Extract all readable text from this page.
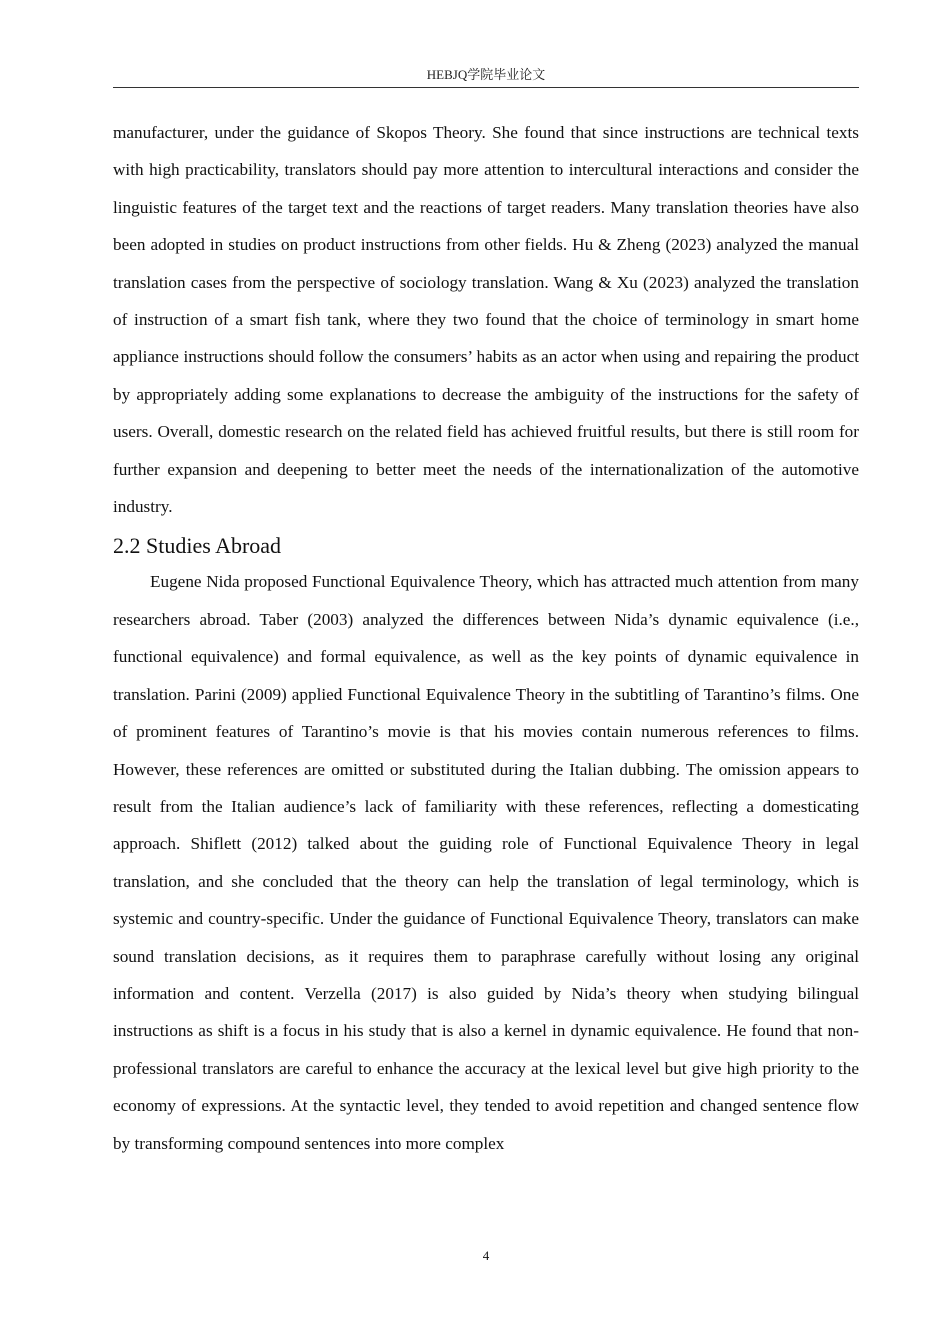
HEBJQ学院毕业论文

manufacturer, under the guidance of Skopos Theory. She found that since instructions are technical texts with high practicability, translators should pay more attention to intercultural interactions and consider the linguistic features of the target text and the reactions of target readers. Many translation theories have also been adopted in studies on product instructions from other fields. Hu & Zheng (2023) analyzed the manual translation cases from the perspective of sociology translation. Wang & Xu (2023) analyzed the translation of instruction of a smart fish tank, where they two found that the choice of terminology in smart home appliance instructions should follow the consumers’ habits as an actor when using and repairing the product by appropriately adding some explanations to decrease the ambiguity of the instructions for the safety of users. Overall, domestic research on the related field has achieved fruitful results, but there is still room for further expansion and deepening to better meet the needs of the internationalization of the automotive industry.

2.2 Studies Abroad

Eugene Nida proposed Functional Equivalence Theory, which has attracted much attention from many researchers abroad. Taber (2003) analyzed the differences between Nida’s dynamic equivalence (i.e., functional equivalence) and formal equivalence, as well as the key points of dynamic equivalence in translation. Parini (2009) applied Functional Equivalence Theory in the subtitling of Tarantino’s films. One of prominent features of Tarantino’s movie is that his movies contain numerous references to films. However, these references are omitted or substituted during the Italian dubbing. The omission appears to result from the Italian audience’s lack of familiarity with these references, reflecting a domesticating approach. Shiflett (2012) talked about the guiding role of Functional Equivalence Theory in legal translation, and she concluded that the theory can help the translation of legal terminology, which is systemic and country-specific. Under the guidance of Functional Equivalence Theory, translators can make sound translation decisions, as it requires them to paraphrase carefully without losing any original information and content. Verzella (2017) is also guided by Nida’s theory when studying bilingual instructions as shift is a focus in his study that is also a kernel in dynamic equivalence. He found that non-professional translators are careful to enhance the accuracy at the lexical level but give high priority to the economy of expressions. At the syntactic level, they tended to avoid repetition and changed sentence flow by transforming compound sentences into more complex

4
